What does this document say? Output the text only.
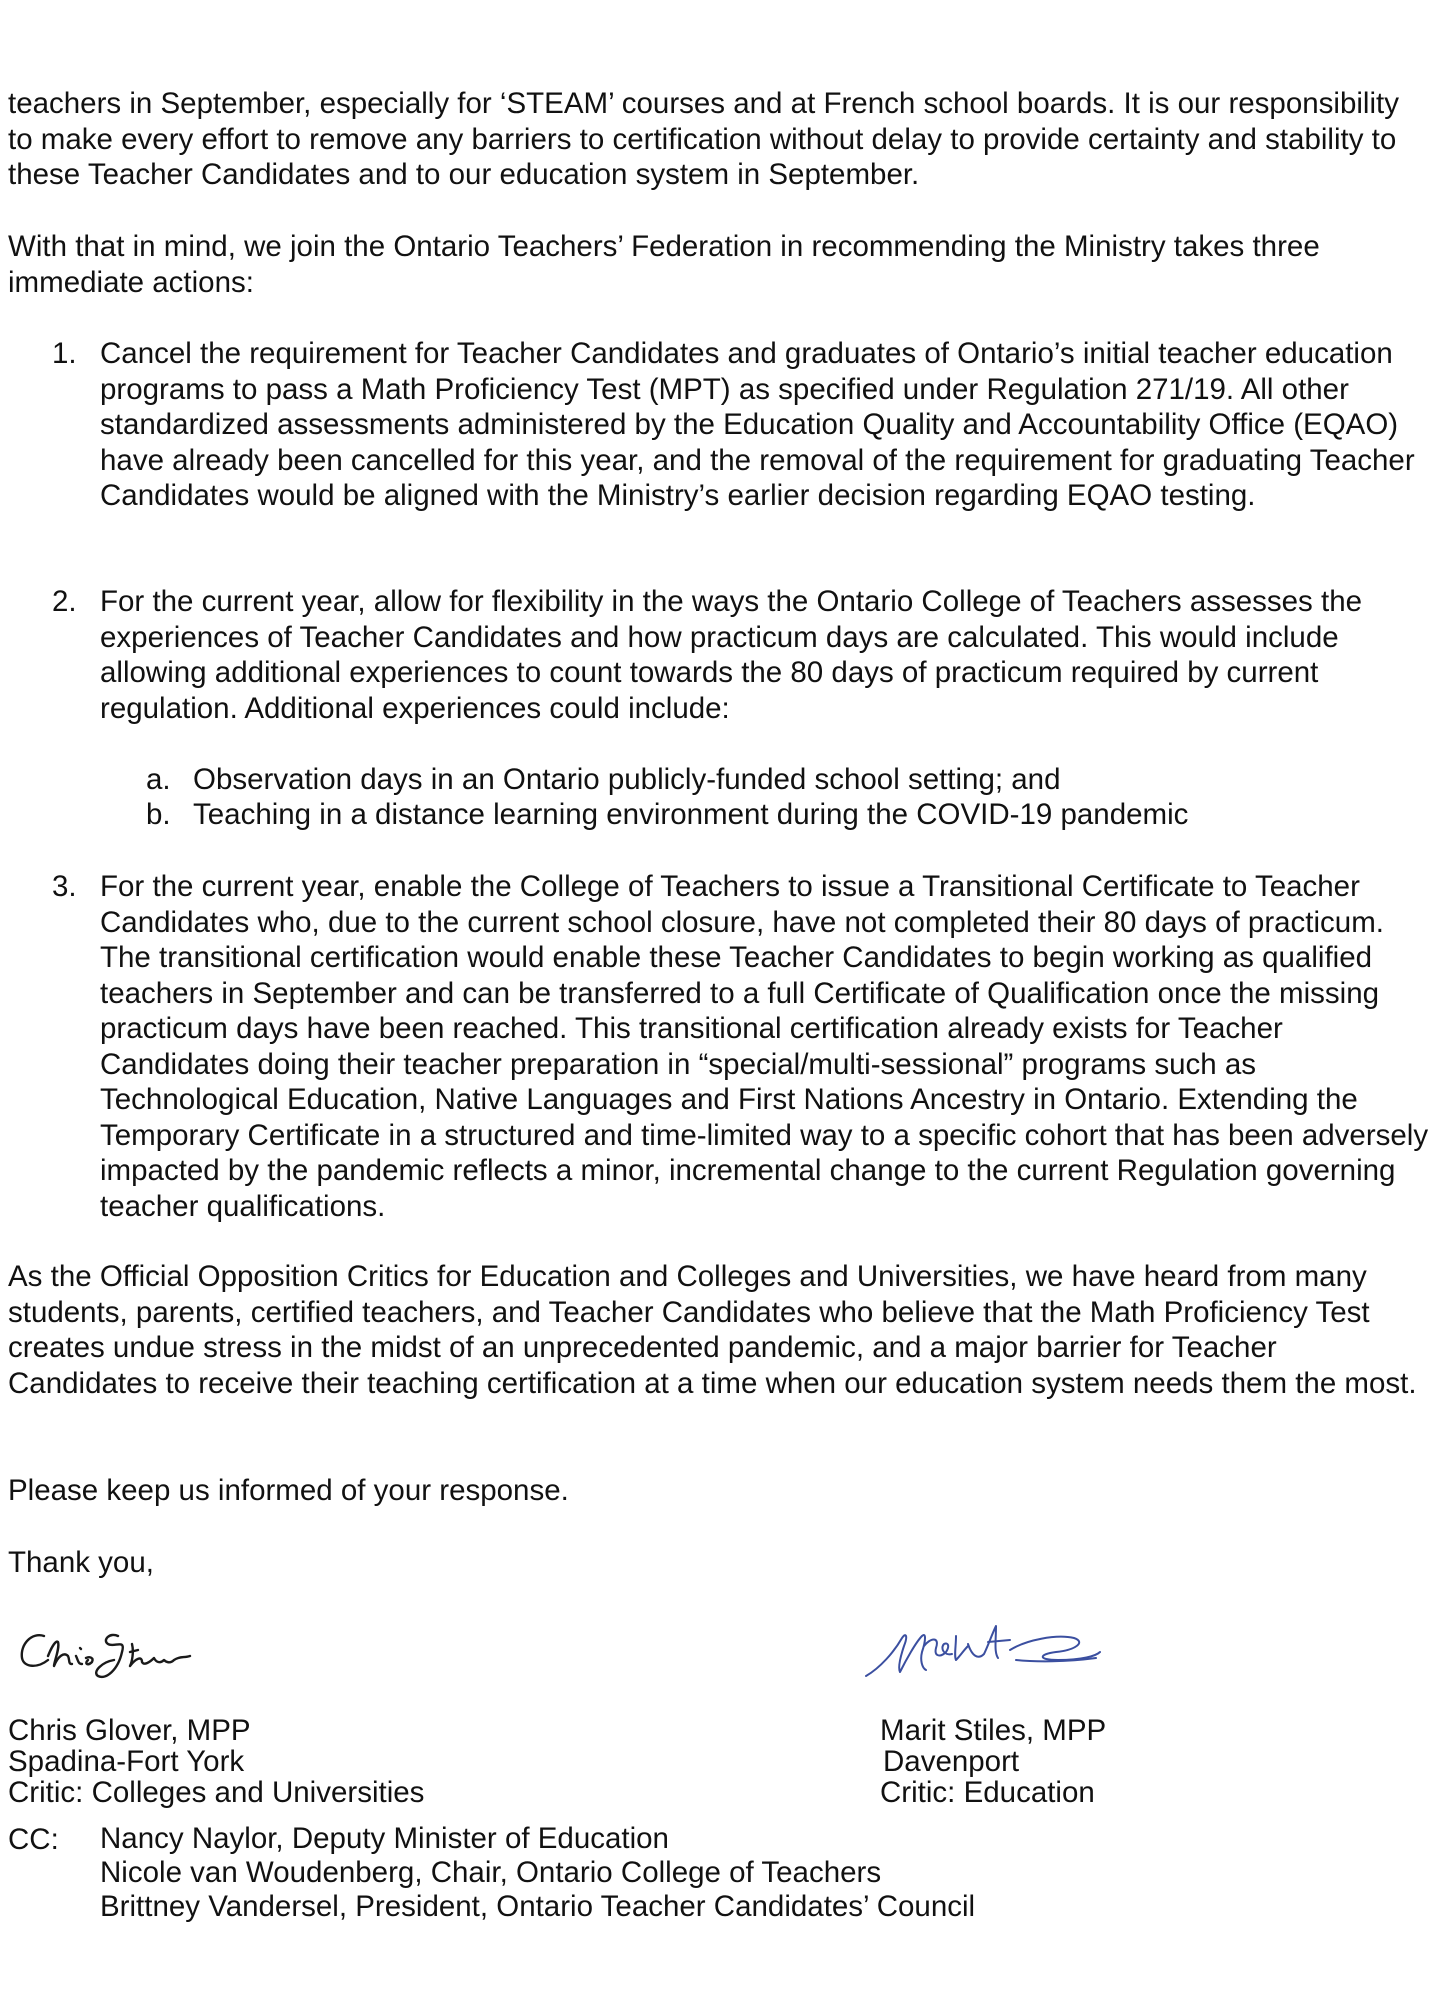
teachers in September, especially for ‘STEAM’ courses and at French school boards. It is our responsibility to make every effort to remove any barriers to certification without delay to provide certainty and stability to these Teacher Candidates and to our education system in September.

With that in mind, we join the Ontario Teachers’ Federation in recommending the Ministry takes three immediate actions:

1. Cancel the requirement for Teacher Candidates and graduates of Ontario’s initial teacher education programs to pass a Math Proficiency Test (MPT) as specified under Regulation 271/19. All other standardized assessments administered by the Education Quality and Accountability Office (EQAO) have already been cancelled for this year, and the removal of the requirement for graduating Teacher Candidates would be aligned with the Ministry’s earlier decision regarding EQAO testing.
2. For the current year, allow for flexibility in the ways the Ontario College of Teachers assesses the experiences of Teacher Candidates and how practicum days are calculated. This would include allowing additional experiences to count towards the 80 days of practicum required by current regulation. Additional experiences could include:
a. Observation days in an Ontario publicly-funded school setting; and
b. Teaching in a distance learning environment during the COVID-19 pandemic
3. For the current year, enable the College of Teachers to issue a Transitional Certificate to Teacher Candidates who, due to the current school closure, have not completed their 80 days of practicum. The transitional certification would enable these Teacher Candidates to begin working as qualified teachers in September and can be transferred to a full Certificate of Qualification once the missing practicum days have been reached. This transitional certification already exists for Teacher Candidates doing their teacher preparation in “special/multi-sessional” programs such as Technological Education, Native Languages and First Nations Ancestry in Ontario. Extending the Temporary Certificate in a structured and time-limited way to a specific cohort that has been adversely impacted by the pandemic reflects a minor, incremental change to the current Regulation governing teacher qualifications.

As the Official Opposition Critics for Education and Colleges and Universities, we have heard from many students, parents, certified teachers, and Teacher Candidates who believe that the Math Proficiency Test creates undue stress in the midst of an unprecedented pandemic, and a major barrier for Teacher Candidates to receive their teaching certification at a time when our education system needs them the most.

Please keep us informed of your response.

Thank you,

Chris Glover, MPP
Spadina-Fort York
Critic: Colleges and Universities
Marit Stiles, MPP
Davenport
Critic: Education
CC: Nancy Naylor, Deputy Minister of Education
Nicole van Woudenberg, Chair, Ontario College of Teachers
Brittney Vandersel, President, Ontario Teacher Candidates’ Council
